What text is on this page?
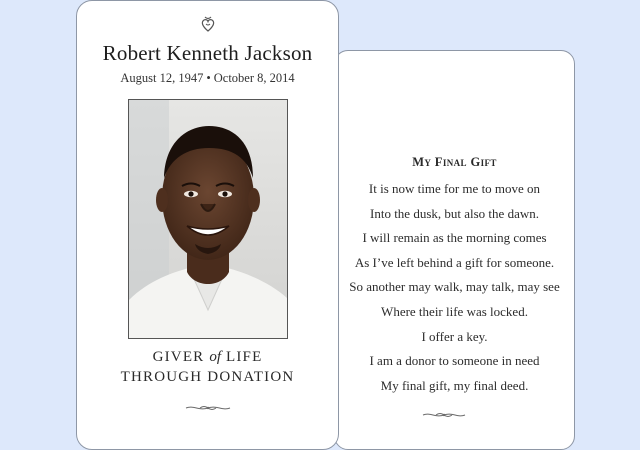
My Final Gift
It is now time for me to move on
Into the dusk, but also the dawn.
I will remain as the morning comes
As I’ve left behind a gift for someone.
So another may walk, may talk, may see
Where their life was locked.
I offer a key.
I am a donor to someone in need
My final gift, my final deed.
Robert Kenneth Jackson
August 12, 1947 • October 8, 2014
GIVER of LIFE
THROUGH DONATION
